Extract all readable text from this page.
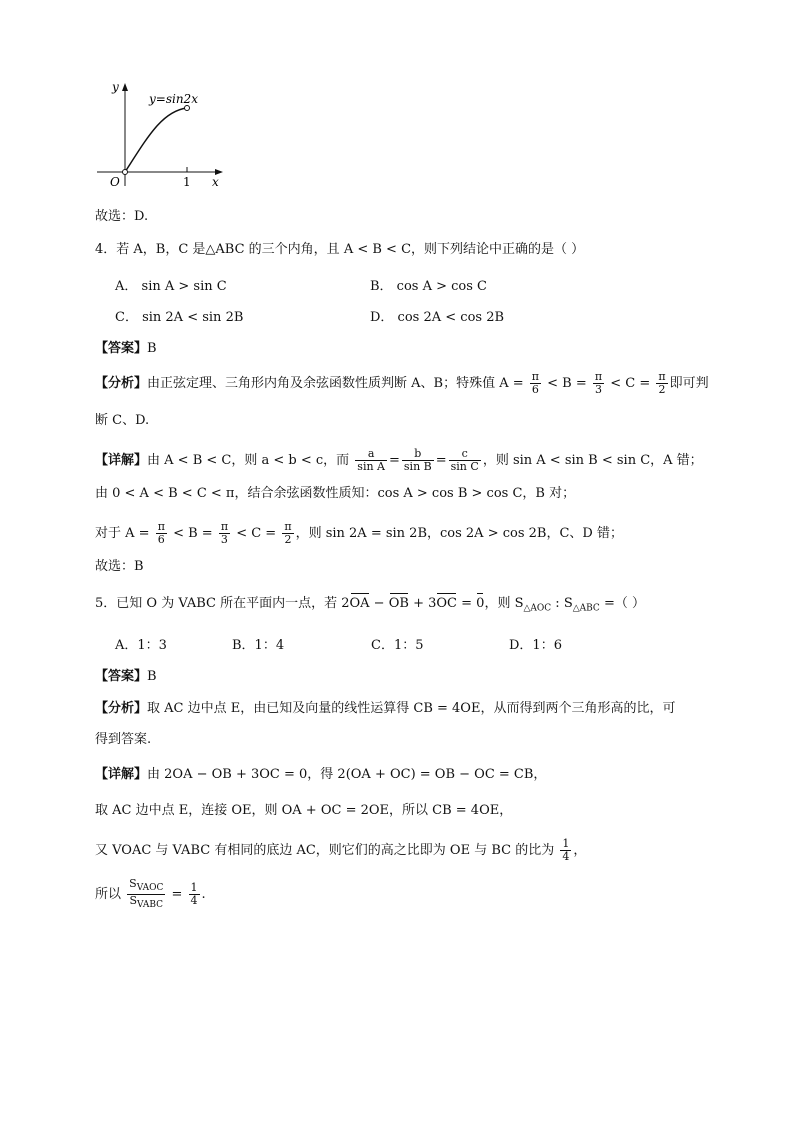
y
x
O	1
y=sin2x
故选：D.
4．若 A，B，C 是△ABC 的三个内角，且 A < B < C，则下列结论中正确的是（ ）
A． sin A > sin C	B． cos A > cos C
C． sin 2A < sin 2B	D． cos 2A < cos 2B
【答案】B
【分析】由正弦定理、三角形内角及余弦函数性质判断 A、B；特殊值 $A = \frac{\pi}{6} < B = \frac{\pi}{3} < C = \frac{\pi}{2}$ 即可判
断 C、D.
【详解】由 A < B < C，则 a < b < c，而 $\frac{a}{\text{sin A}} = \frac{b}{\text{sin B}} = \frac{c}{\text{sin C}}$ ，则 sin A < sin B < sin C，A 错；
由 0 < A < B < C < π，结合余弦函数性质知：cos A > cos B > cos C，B 对；
对于 $A = \frac{\pi}{6} < B = \frac{\pi}{3} < C = \frac{\pi}{2}$ ，则 sin 2A = sin 2B，cos 2A > cos 2B，C、D 错；
故选：B
5．已知 O 为 VABC 所在平面内一点，若 2OA − OB + 3OC = 0，则 $S_{\triangle AOC}$ : $S_{\triangle ABC}$ =（ ）
A．1：3	B．1：4	C．1：5	D．1：6
【答案】B
【分析】取 AC 边中点 E，由已知及向量的线性运算得 CB = 4OE，从而得到两个三角形高的比，可
得到答案.
【详解】由 2OA − OB + 3OC = 0，得 2(OA + OC) = OB − OC = CB，
取 AC 边中点 E，连接 OE，则 OA + OC = 2OE，所以 CB = 4OE，
又 VOAC 与 VABC 有相同的底边 AC，则它们的高之比即为 OE 与 BC 的比为 $\frac{1}{4}$ ，
所以 $\frac{S_{VAOC}}{S_{VABC}} = \frac{1}{4}$ .
